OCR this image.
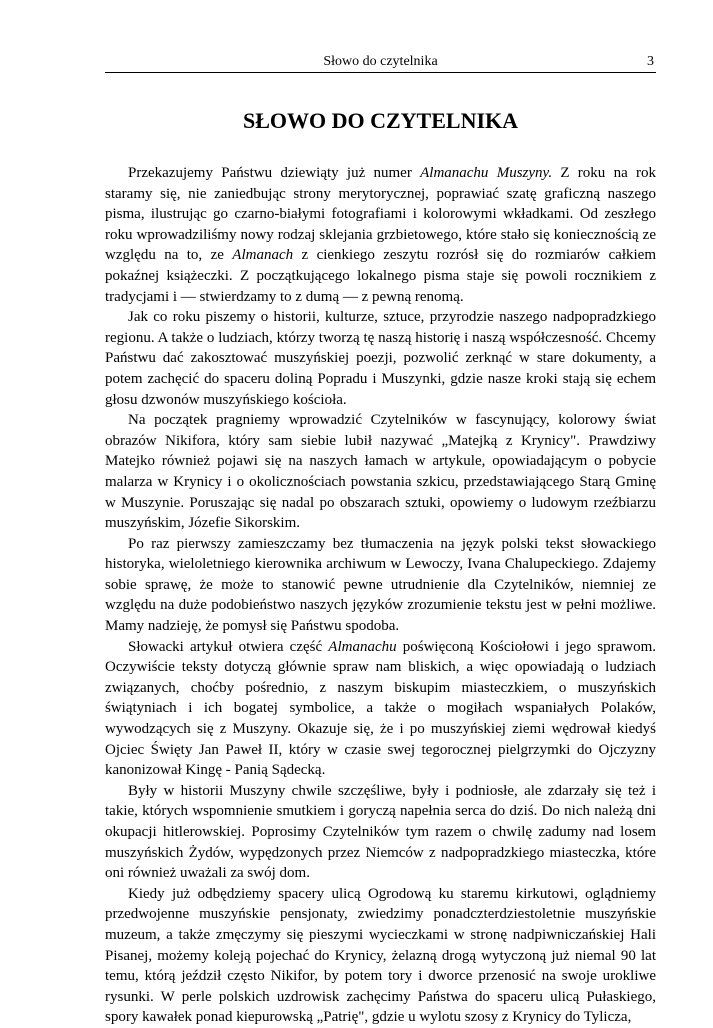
Słowo do czytelnika	3
SŁOWO DO CZYTELNIKA

Przekazujemy Państwu dziewiąty już numer Almanachu Muszyny. Z roku na rok staramy się, nie zaniedbując strony merytorycznej, poprawiać szatę graficzną naszego pisma, ilustrując go czarno-białymi fotografiami i kolorowymi wkładkami. Od zeszłego roku wprowadziliśmy nowy rodzaj sklejania grzbietowego, które stało się koniecznością ze względu na to, ze Almanach z cienkiego zeszytu rozrósł się do rozmiarów całkiem pokaźnej książeczki. Z początkującego lokalnego pisma staje się powoli rocznikiem z tradycjami i — stwierdzamy to z dumą — z pewną renomą.

Jak co roku piszemy o historii, kulturze, sztuce, przyrodzie naszego nadpopradzkiego regionu. A także o ludziach, którzy tworzą tę naszą historię i naszą współczesność. Chcemy Państwu dać zakosztować muszyńskiej poezji, pozwolić zerknąć w stare dokumenty, a potem zachęcić do spaceru doliną Popradu i Muszynki, gdzie nasze kroki stają się echem głosu dzwonów muszyńskiego kościoła.

Na początek pragniemy wprowadzić Czytelników w fascynujący, kolorowy świat obrazów Nikifora, który sam siebie lubił nazywać „Matejką z Krynicy". Prawdziwy Matejko również pojawi się na naszych łamach w artykule, opowiadającym o pobycie malarza w Krynicy i o okolicznościach powstania szkicu, przedstawiającego Starą Gminę w Muszynie. Poruszając się nadal po obszarach sztuki, opowiemy o ludowym rzeźbiarzu muszyńskim, Józefie Sikorskim.

Po raz pierwszy zamieszczamy bez tłumaczenia na język polski tekst słowackiego historyka, wieloletniego kierownika archiwum w Lewoczy, Ivana Chalupeckiego. Zdajemy sobie sprawę, że może to stanowić pewne utrudnienie dla Czytelników, niemniej ze względu na duże podobieństwo naszych języków zrozumienie tekstu jest w pełni możliwe. Mamy nadzieję, że pomysł się Państwu spodoba.

Słowacki artykuł otwiera część Almanachu poświęconą Kościołowi i jego sprawom. Oczywiście teksty dotyczą głównie spraw nam bliskich, a więc opowiadają o ludziach związanych, choćby pośrednio, z naszym biskupim miasteczkiem, o muszyńskich świątyniach i ich bogatej symbolice, a także o mogiłach wspaniałych Polaków, wywodzących się z Muszyny. Okazuje się, że i po muszyńskiej ziemi wędrował kiedyś Ojciec Święty Jan Paweł II, który w czasie swej tegorocznej pielgrzymki do Ojczyzny kanonizował Kingę - Panią Sądecką.

Były w historii Muszyny chwile szczęśliwe, były i podniosłe, ale zdarzały się też i takie, których wspomnienie smutkiem i goryczą napełnia serca do dziś. Do nich należą dni okupacji hitlerowskiej. Poprosimy Czytelników tym razem o chwilę zadumy nad losem muszyńskich Żydów, wypędzonych przez Niemców z nadpopradzkiego miasteczka, które oni również uważali za swój dom.

Kiedy już odbędziemy spacery ulicą Ogrodową ku staremu kirkutowi, oglądniemy przedwojenne muszyńskie pensjonaty, zwiedzimy ponadczterdziestoletnie muszyńskie muzeum, a także zmęczymy się pieszymi wycieczkami w stronę nadpiwniczańskiej Hali Pisanej, możemy koleją pojechać do Krynicy, żelazną drogą wytyczoną już niemal 90 lat temu, którą jeździł często Nikifor, by potem tory i dworce przenosić na swoje urokliwe rysunki. W perle polskich uzdrowisk zachęcimy Państwa do spaceru ulicą Pułaskiego, spory kawałek ponad kiepurowską „Patrię", gdzie u wylotu szosy z Krynicy do Tylicza,
